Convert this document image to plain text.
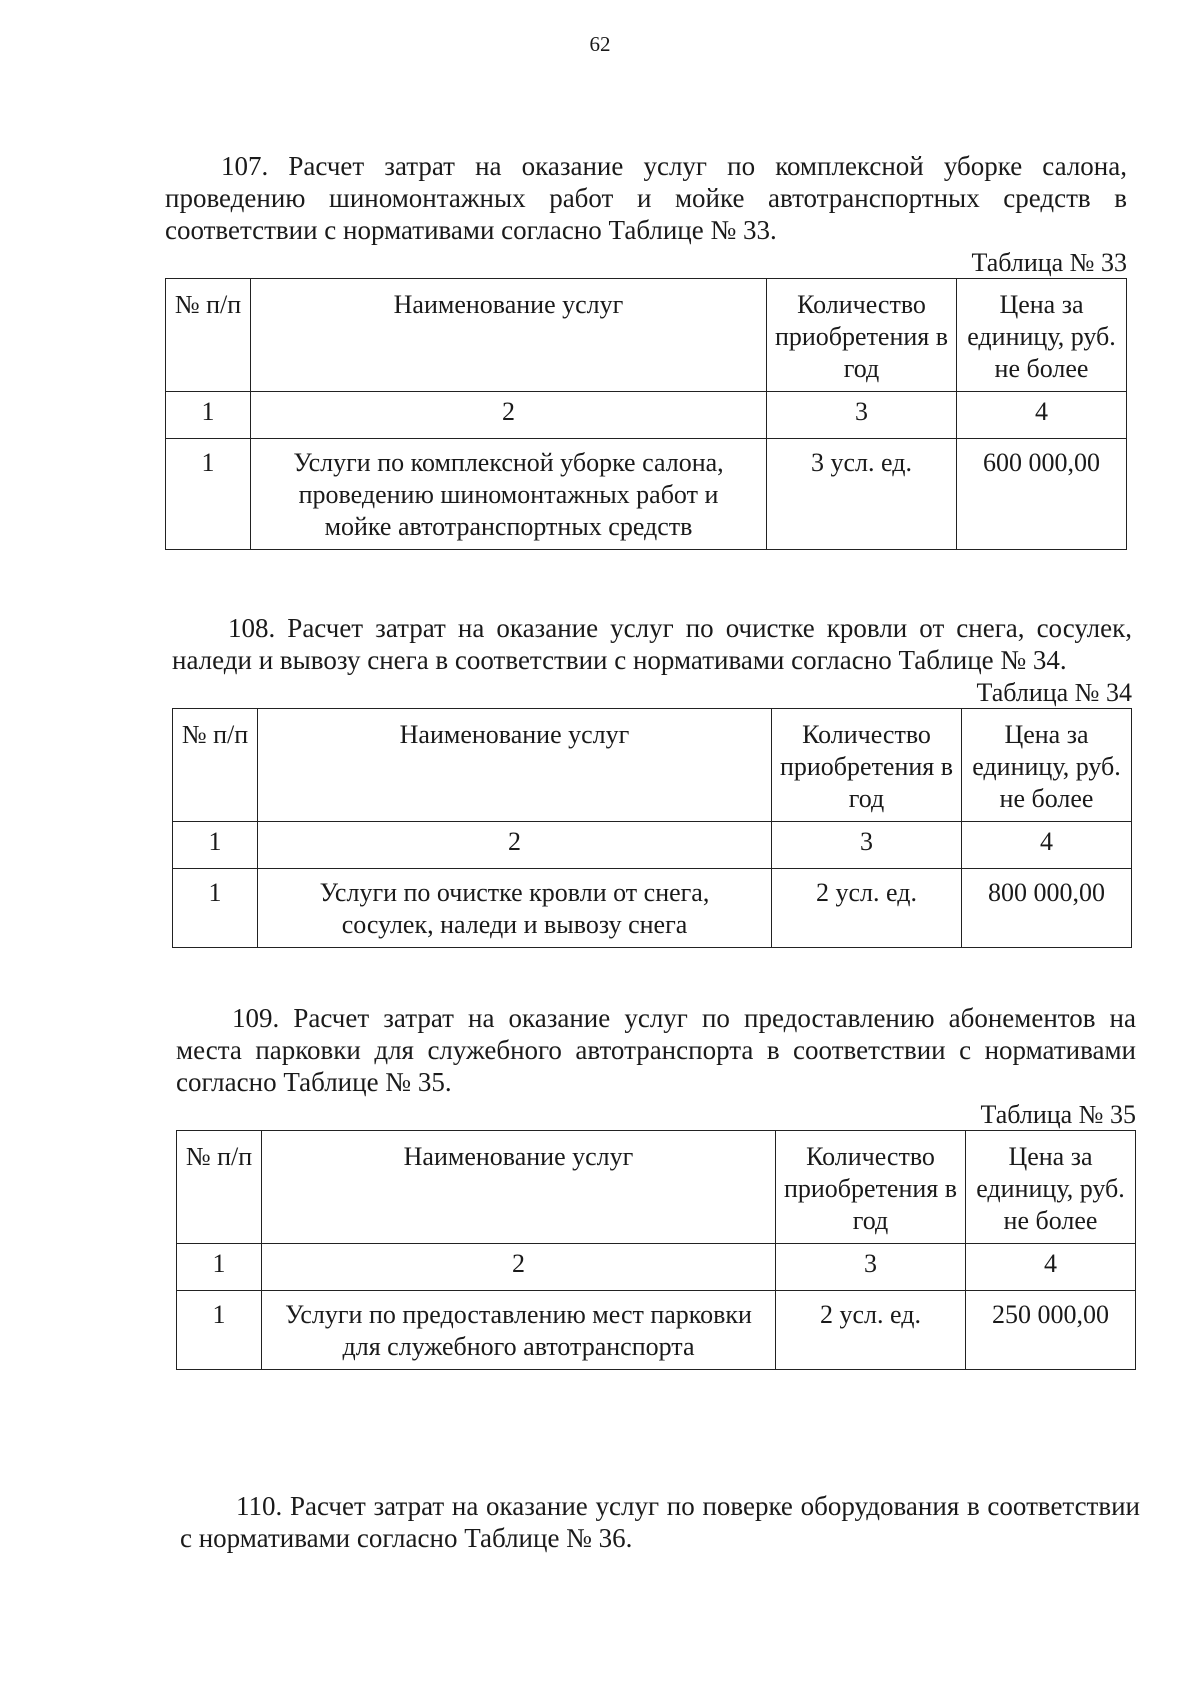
62

107. Расчет затрат на оказание услуг по комплексной уборке салона, проведению шиномонтажных работ и мойке автотранспортных средств в соответствии с нормативами согласно Таблице № 33.

Таблица № 33
№ п/п	Наименование услуг	Количество приобретения в год	Цена за единицу, руб. не более
1	2	3	4
1	Услуги по комплексной уборке салона, проведению шиномонтажных работ и мойке автотранспортных средств	3 усл. ед.	600 000,00

108. Расчет затрат на оказание услуг по очистке кровли от снега, сосулек, наледи и вывозу снега в соответствии с нормативами согласно Таблице № 34.

Таблица № 34
№ п/п	Наименование услуг	Количество приобретения в год	Цена за единицу, руб. не более
1	2	3	4
1	Услуги по очистке кровли от снега, сосулек, наледи и вывозу снега	2 усл. ед.	800 000,00

109. Расчет затрат на оказание услуг по предоставлению абонементов на места парковки для служебного автотранспорта в соответствии с нормативами согласно Таблице № 35.

Таблица № 35
№ п/п	Наименование услуг	Количество приобретения в год	Цена за единицу, руб. не более
1	2	3	4
1	Услуги по предоставлению мест парковки для служебного автотранспорта	2 усл. ед.	250 000,00

110. Расчет затрат на оказание услуг по поверке оборудования в соответствии с нормативами согласно Таблице № 36.
